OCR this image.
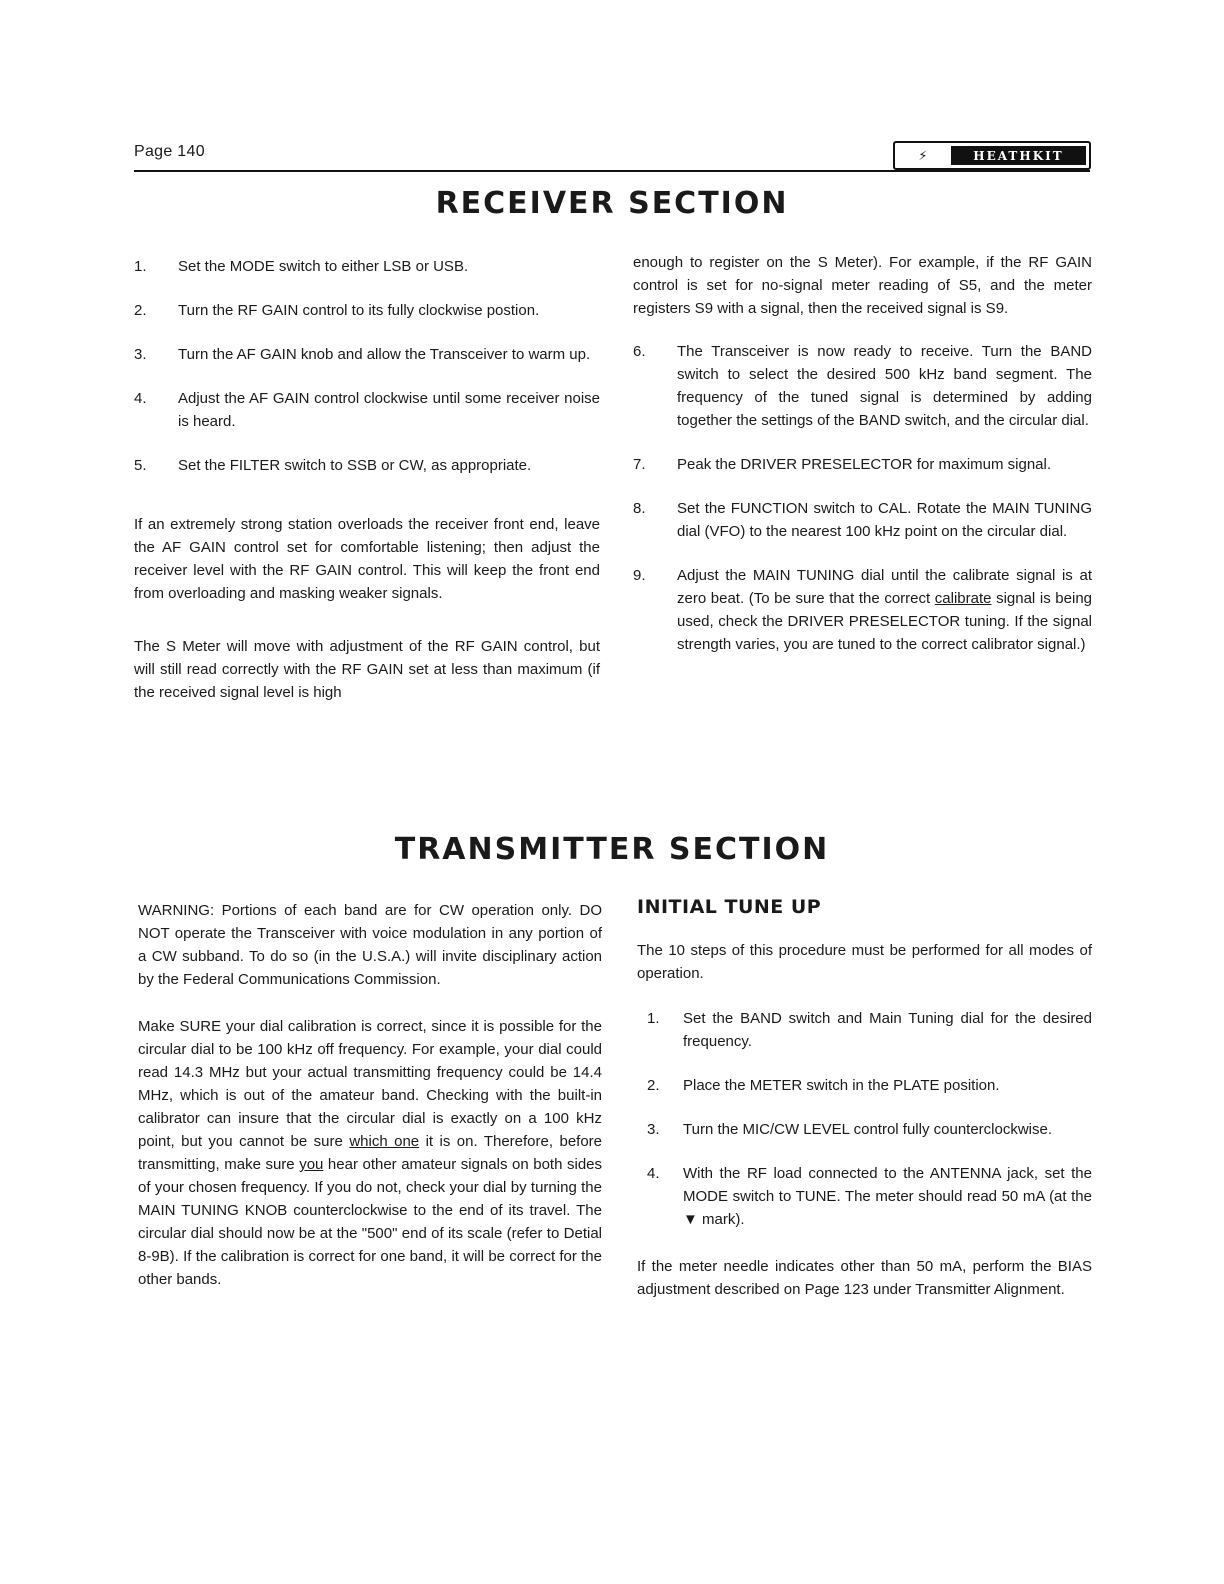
Page 140	⚡	HEATHKIT
RECEIVER SECTION
1.	Set the MODE switch to either LSB or USB.
2.	Turn the RF GAIN control to its fully clockwise postion.
3.	Turn the AF GAIN knob and allow the Transceiver to warm up.
4.	Adjust the AF GAIN control clockwise until some receiver noise is heard.
5.	Set the FILTER switch to SSB or CW, as appropriate.

If an extremely strong station overloads the receiver front end, leave the AF GAIN control set for comfortable listening; then adjust the receiver level with the RF GAIN control. This will keep the front end from overloading and masking weaker signals.

The S Meter will move with adjustment of the RF GAIN control, but will still read correctly with the RF GAIN set at less than maximum (if the received signal level is high

enough to register on the S Meter). For example, if the RF GAIN control is set for no-signal meter reading of S5, and the meter registers S9 with a signal, then the received signal is S9.

6.	The Transceiver is now ready to receive. Turn the BAND switch to select the desired 500 kHz band segment. The frequency of the tuned signal is determined by adding together the settings of the BAND switch, and the circular dial.
7.	Peak the DRIVER PRESELECTOR for maximum signal.
8.	Set the FUNCTION switch to CAL. Rotate the MAIN TUNING dial (VFO) to the nearest 100 kHz point on the circular dial.
9.	Adjust the MAIN TUNING dial until the calibrate signal is at zero beat. (To be sure that the correct calibrate signal is being used, check the DRIVER PRESELECTOR tuning. If the signal strength varies, you are tuned to the correct calibrator signal.)
TRANSMITTER SECTION

WARNING: Portions of each band are for CW operation only. DO NOT operate the Transceiver with voice modulation in any portion of a CW subband. To do so (in the U.S.A.) will invite disciplinary action by the Federal Communications Commission.

Make SURE your dial calibration is correct, since it is possible for the circular dial to be 100 kHz off frequency. For example, your dial could read 14.3 MHz but your actual transmitting frequency could be 14.4 MHz, which is out of the amateur band. Checking with the built-in calibrator can insure that the circular dial is exactly on a 100 kHz point, but you cannot be sure which one it is on. Therefore, before transmitting, make sure you hear other amateur signals on both sides of your chosen frequency. If you do not, check your dial by turning the MAIN TUNING KNOB counterclockwise to the end of its travel. The circular dial should now be at the "500" end of its scale (refer to Detial 8-9B). If the calibration is correct for one band, it will be correct for the other bands.

INITIAL TUNE UP

The 10 steps of this procedure must be performed for all modes of operation.

1.	Set the BAND switch and Main Tuning dial for the desired frequency.
2.	Place the METER switch in the PLATE position.
3.	Turn the MIC/CW LEVEL control fully counterclockwise.
4.	With the RF load connected to the ANTENNA jack, set the MODE switch to TUNE. The meter should read 50 mA (at the ▼ mark).

If the meter needle indicates other than 50 mA, perform the BIAS adjustment described on Page 123 under Transmitter Alignment.
